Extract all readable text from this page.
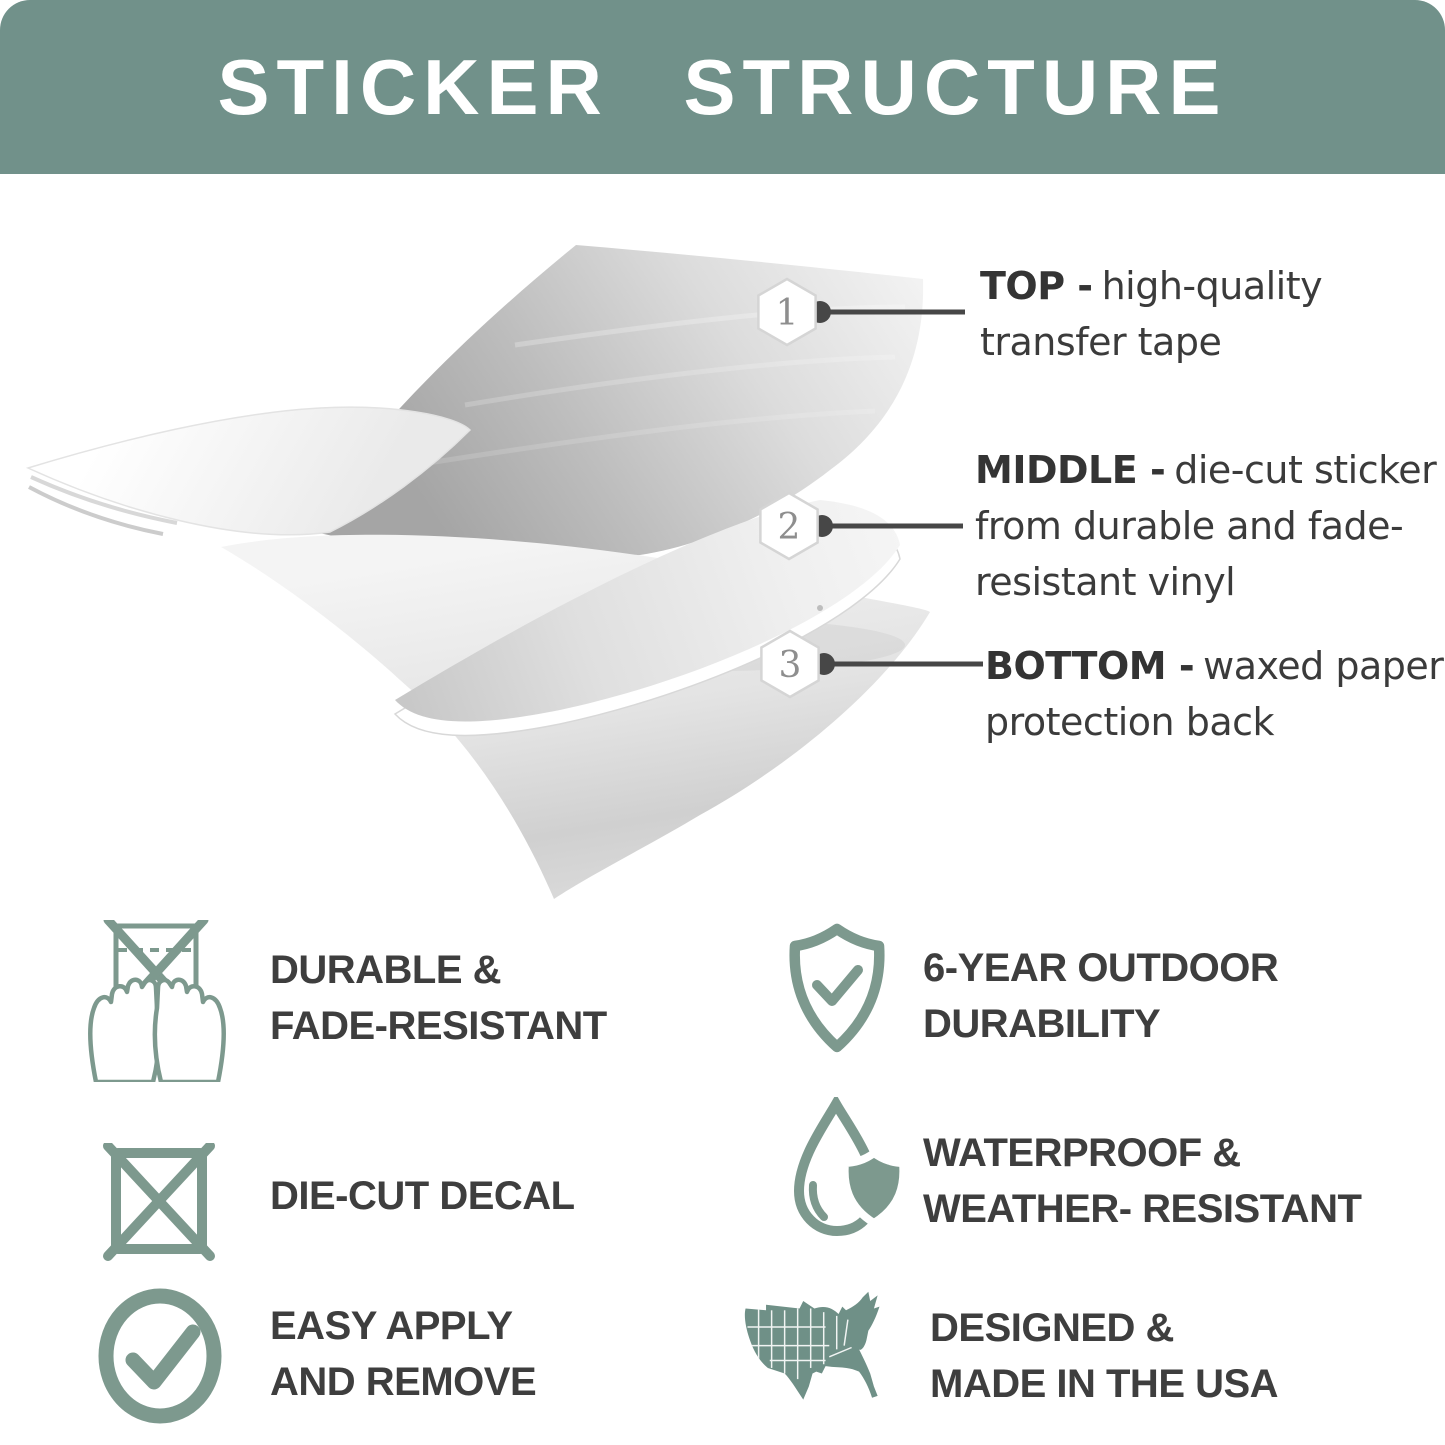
STICKER STRUCTURE
1
2
3
TOP - high-quality
transfer tape
MIDDLE - die-cut sticker
from durable and fade-
resistant vinyl
BOTTOM - waxed paper
protection back
DURABLE &
FADE-RESISTANT
DIE-CUT DECAL
EASY APPLY
AND REMOVE
6-YEAR OUTDOOR
DURABILITY
WATERPROOF &
WEATHER- RESISTANT
DESIGNED &
MADE IN THE USA
